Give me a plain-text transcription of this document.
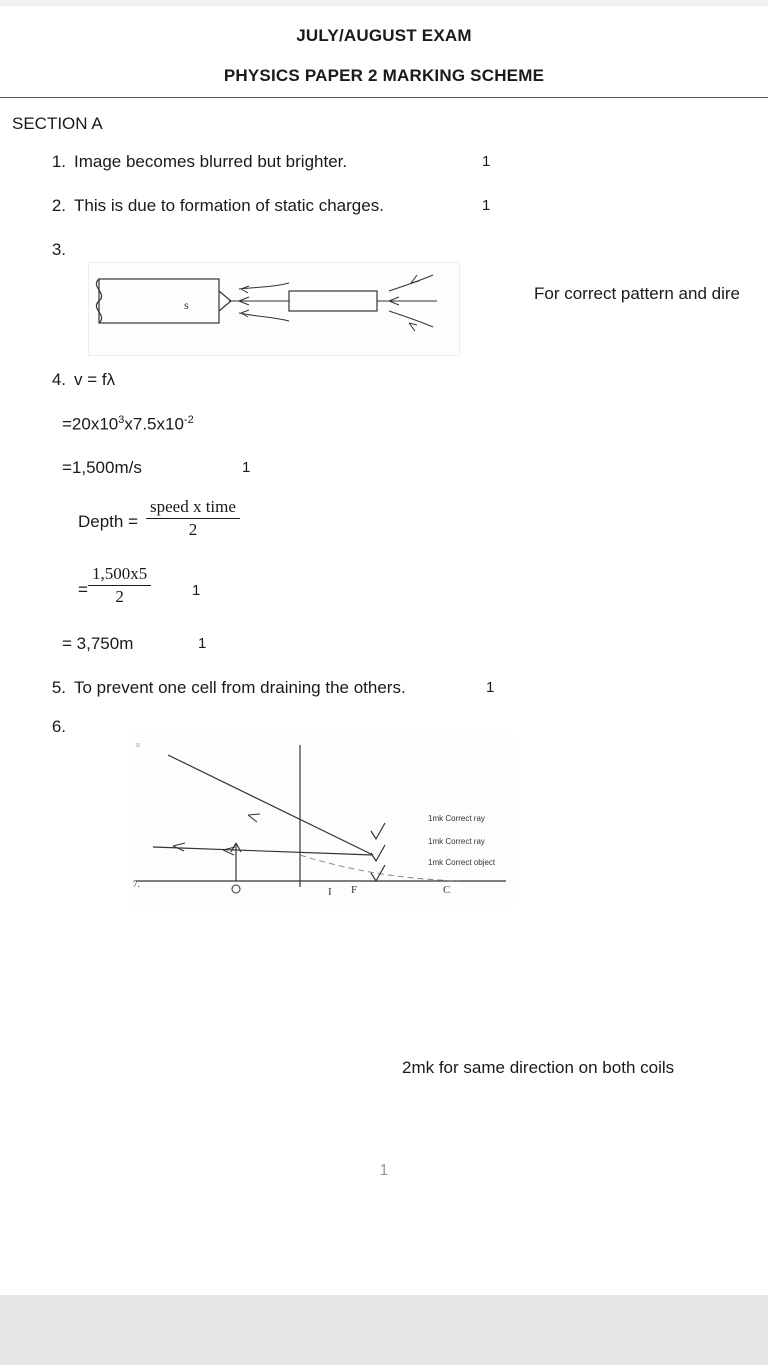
JULY/AUGUST EXAM
PHYSICS PAPER 2 MARKING SCHEME
SECTION A
1. Image becomes blurred but brighter.	1
2. This is due to formation of static charges.	1
3.
s
For correct pattern and dire
4. v = fλ
$=20x10^3x7.5x10^{-2}$
=1,500m/s	1
Depth = $\frac{\text{speed x time}}{2}$
= $\frac{1,500x5}{2}$	1
= 3,750m	1
5. To prevent one cell from draining the others.	1
6.
I F	C
7.
u
1mk Correct ray
1mk Correct ray
1mk Correct object
2mk for same direction on both coils
1
